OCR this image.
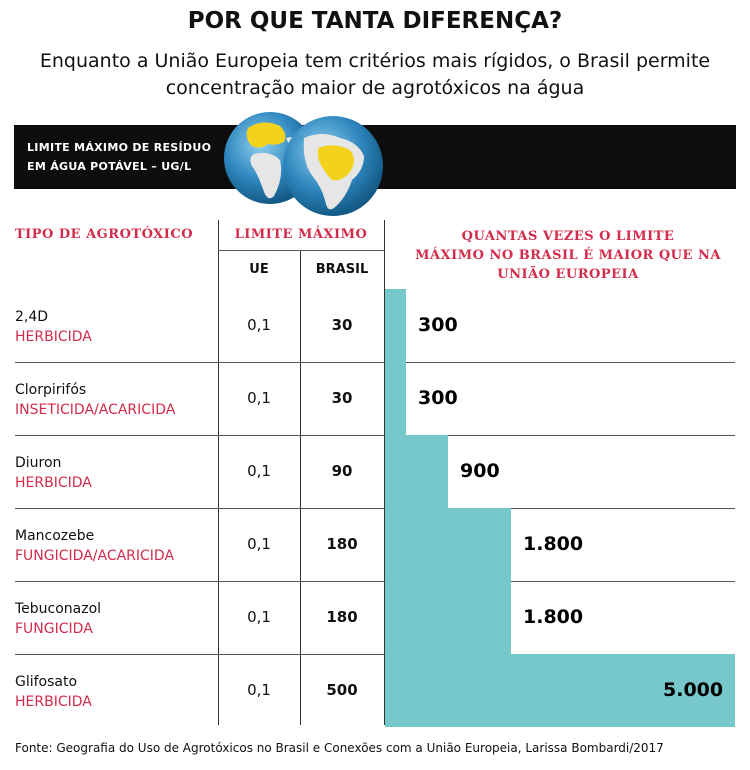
POR QUE TANTA DIFERENÇA?
Enquanto a União Europeia tem critérios mais rígidos, o Brasil permite
concentração maior de agrotóxicos na água
LIMITE MÁXIMO DE RESÍDUO
EM ÁGUA POTÁVEL – UG/L
TIPO DE AGROTÓXICO	LIMITE MÁXIMO	QUANTAS VEZES O LIMITE
MÁXIMO NO BRASIL É MAIOR QUE NA
UNIÃO EUROPEIA
UE	BRASIL
2,4D
HERBICIDA
0,1	30	300
Clorpirifós
INSETICIDA/ACARICIDA
0,1	30	300
Diuron
HERBICIDA
0,1	90	900
Mancozebe
FUNGICIDA/ACARICIDA
0,1	180	1.800
Tebuconazol
FUNGICIDA
0,1	180	1.800
Glifosato
HERBICIDA
0,1	500	5.000
Fonte: Geografia do Uso de Agrotóxicos no Brasil e Conexões com a União Europeia, Larissa Bombardi/2017
